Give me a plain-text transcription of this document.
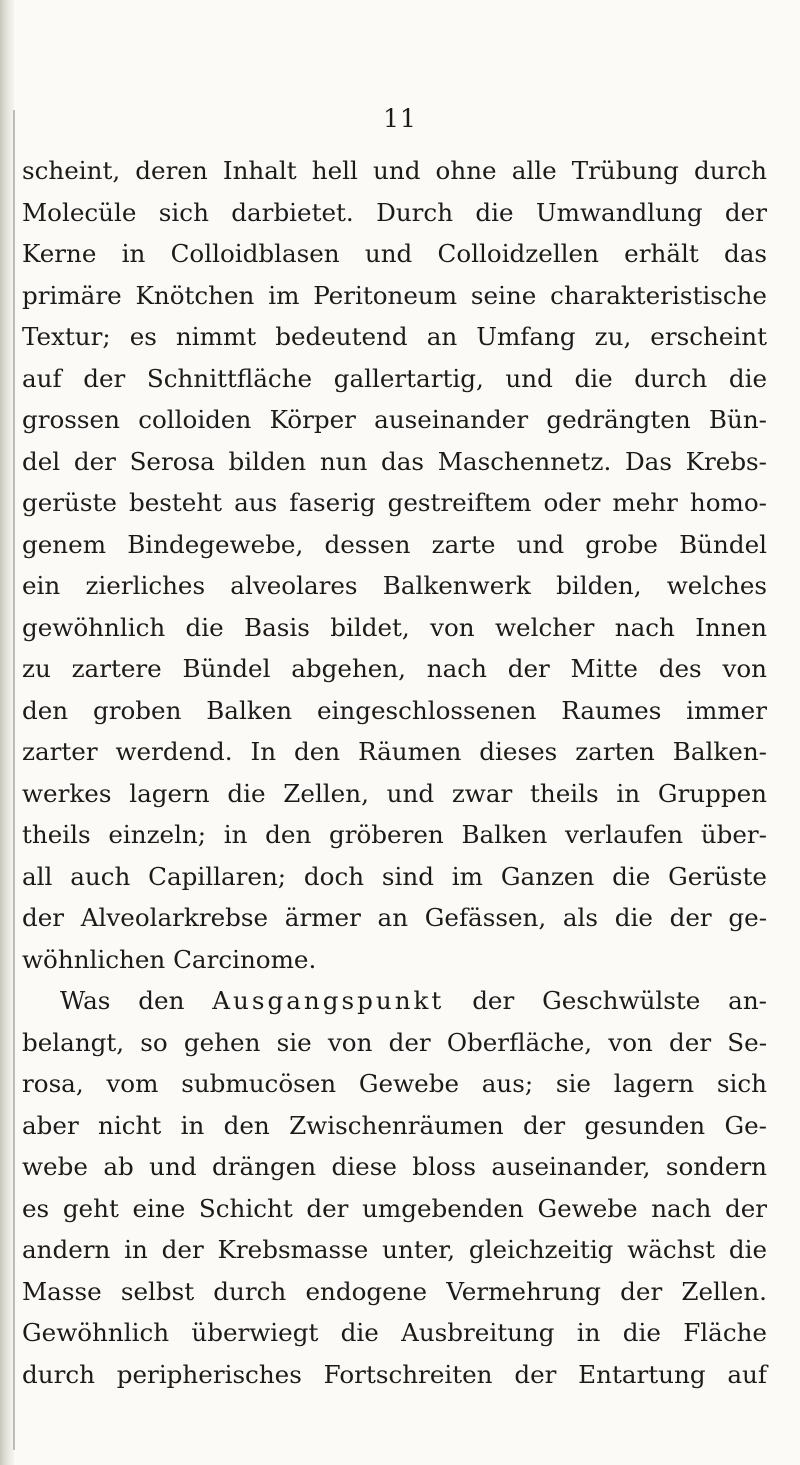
11
scheint, deren Inhalt hell und ohne alle Trübung durch
Molecüle sich darbietet. Durch die Umwandlung der
Kerne in Colloidblasen und Colloidzellen erhält das
primäre Knötchen im Peritoneum seine charakteristische
Textur; es nimmt bedeutend an Umfang zu, erscheint
auf der Schnittfläche gallertartig, und die durch die
grossen colloiden Körper auseinander gedrängten Bün-
del der Serosa bilden nun das Maschennetz. Das Krebs-
gerüste besteht aus faserig gestreiftem oder mehr homo-
genem Bindegewebe, dessen zarte und grobe Bündel
ein zierliches alveolares Balkenwerk bilden, welches
gewöhnlich die Basis bildet, von welcher nach Innen
zu zartere Bündel abgehen, nach der Mitte des von
den groben Balken eingeschlossenen Raumes immer
zarter werdend. In den Räumen dieses zarten Balken-
werkes lagern die Zellen, und zwar theils in Gruppen
theils einzeln; in den gröberen Balken verlaufen über-
all auch Capillaren; doch sind im Ganzen die Gerüste
der Alveolarkrebse ärmer an Gefässen, als die der ge-
wöhnlichen Carcinome.
Was den Ausgangspunkt der Geschwülste an-
belangt, so gehen sie von der Oberfläche, von der Se-
rosa, vom submucösen Gewebe aus; sie lagern sich
aber nicht in den Zwischenräumen der gesunden Ge-
webe ab und drängen diese bloss auseinander, sondern
es geht eine Schicht der umgebenden Gewebe nach der
andern in der Krebsmasse unter, gleichzeitig wächst die
Masse selbst durch endogene Vermehrung der Zellen.
Gewöhnlich überwiegt die Ausbreitung in die Fläche
durch peripherisches Fortschreiten der Entartung auf
